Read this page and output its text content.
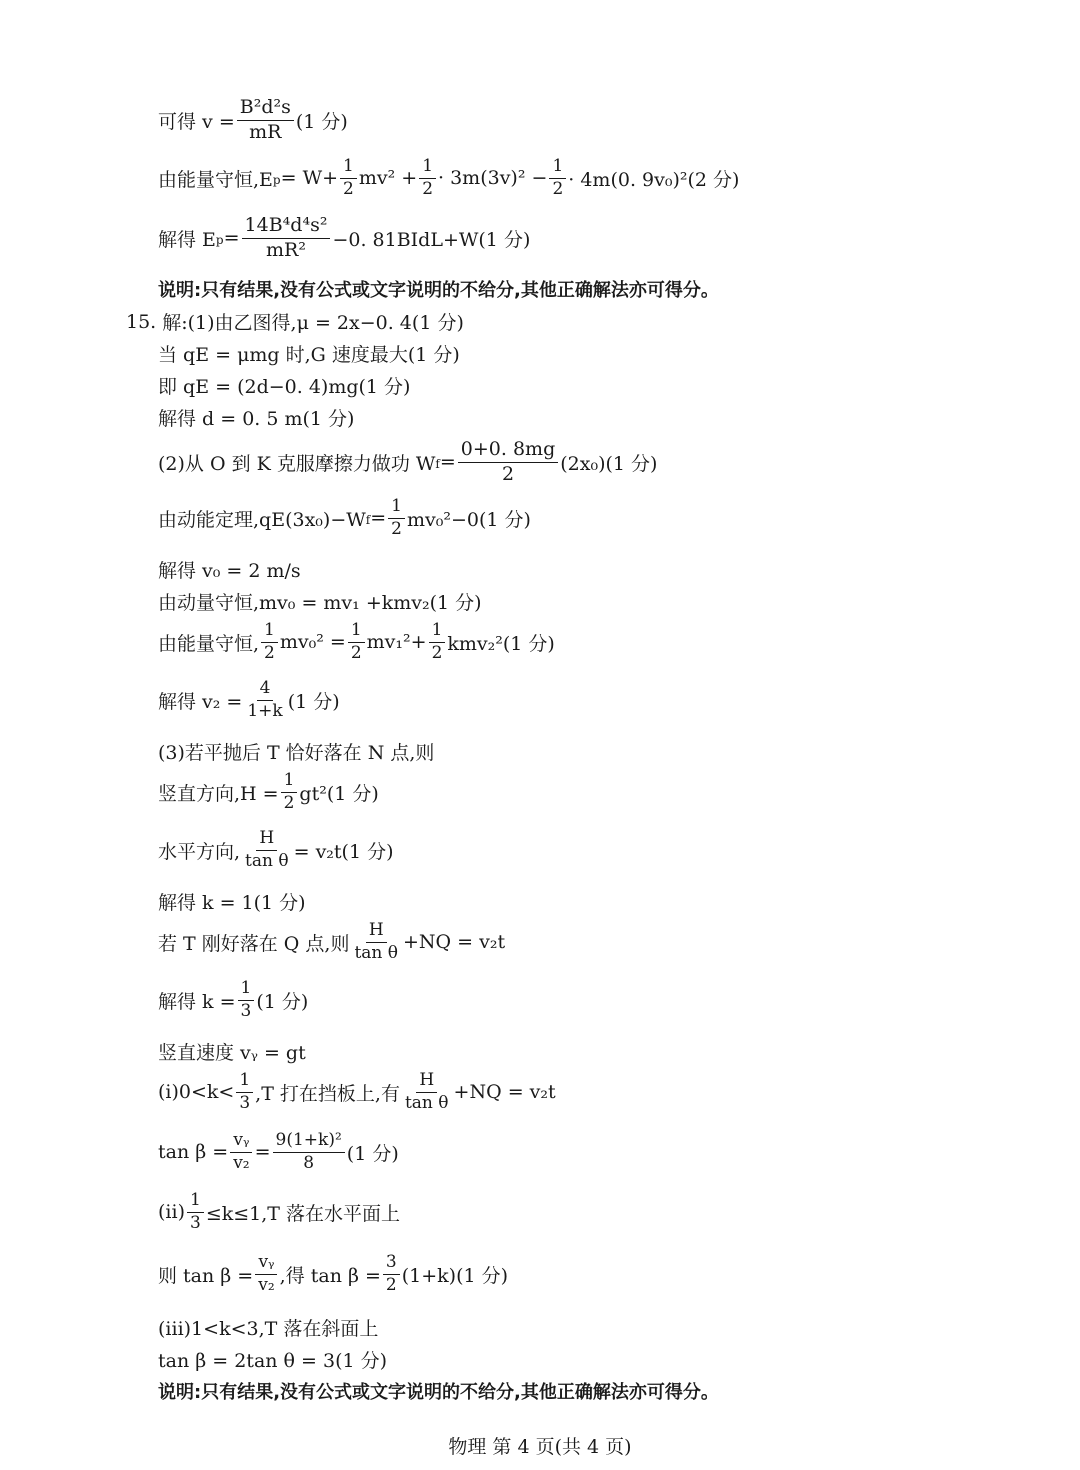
可得 $v = \frac{\text{B²d²s}}{mR} (1$ 分)
由能量守恒$,E_p = W+ \frac{1}{2} mv^2 + \frac{1}{2} \cdot 3m(3v)^2 - \frac{1}{2} \cdot 4m(0$. 9v₀)²(2 分)
解得 $E_p = \frac{\text{14B⁴d⁴s²}}{\text{mR²}} -0$. 81BIdL+W(1 分)
说明:只有结果,没有公式或文字说明的不给分,其他正确解法亦可得分。
15. 解:(1)由乙图得,μ = 2x−0. 4(1 分)
当 qE = μmg 时,G 速度最大(1 分)
即 qE = (2d−0. 4)mg(1 分)
解得 d = 0. 5 m(1 分)
(2)从 O 到 K 克服摩擦力做功 $W_f = \frac{0+0. 8mg}{2} (2x_0)(1$ 分)
由动能定理$,qE(3x_0)-W_f = \frac{1}{2} mv_0^2-0(1$ 分)
解得 v₀ = 2 m/s
由动量守恒,mv₀ = mv₁ +kmv₂(1 分)
由能量守恒, $\frac{1}{2} mv_0^2 = \frac{1}{2} mv_1^2+ \frac{1}{2} kmv_2^2(1$ 分)
解得 $v_2 = \frac{4}{1+k} (1$ 分)
(3)若平抛后 T 恰好落在 N 点,则
竖直方向$,H = \frac{1}{2} gt^2(1$ 分)
水平方向, $\frac{H}{\text{tan θ}} = v_2t(1$ 分)
解得 k = 1(1 分)
若 T 刚好落在 Q 点,则 $\frac{H}{\text{tan θ}} +NQ = v_2t$
解得 $k = \frac{1}{3} (1$ 分)
竖直速度 vᵧ = gt
$(i)0<k< \frac{1}{3} ,T$ 打在挡板上,有 $\frac{H}{\text{tan θ}} +NQ = v_2t$
$\tan \beta = \frac{\text{vᵧ}}{\text{v₂}} = \frac{\text{9(1+k)²}}{8} (1$ 分)
$(ii) \frac{1}{3} \le k\le 1,T$ 落在水平面上
则 $\tan \beta = \frac{\text{vᵧ}}{\text{v₂}}$ ,得 $\tan \beta = \frac{3}{2} (1+k)(1$ 分)
(iii)1<k<3,T 落在斜面上
tan β = 2tan θ = 3(1 分)
说明:只有结果,没有公式或文字说明的不给分,其他正确解法亦可得分。
物理 第 4 页(共 4 页)
